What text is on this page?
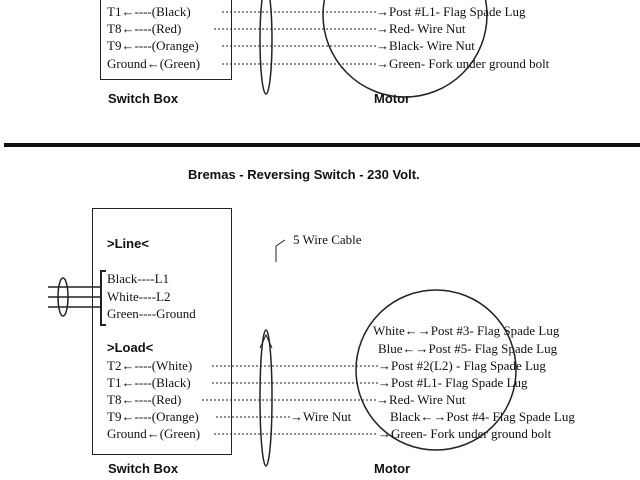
T1←----(Black)
T8←----(Red)
T9←----(Orange)
Ground←(Green)
→Post #L1- Flag Spade Lug
→Red- Wire Nut
→Black- Wire Nut
→Green- Fork under ground bolt
Switch Box	Motor
Bremas - Reversing Switch - 230 Volt.
>Line<
Black----L1
White----L2
Green----Ground
>Load<
T2←----(White)
T1←----(Black)
T8←----(Red)
T9←----(Orange)
Ground←(Green)
5 Wire Cable
→Wire Nut
White←→Post #3- Flag Spade Lug
Blue←→Post #5- Flag Spade Lug
→Post #2(L2) - Flag Spade Lug
→Post #L1- Flag Spade Lug
→Red- Wire Nut
Black←→Post #4- Flag Spade Lug
→Green- Fork under ground bolt
Switch Box	Motor
